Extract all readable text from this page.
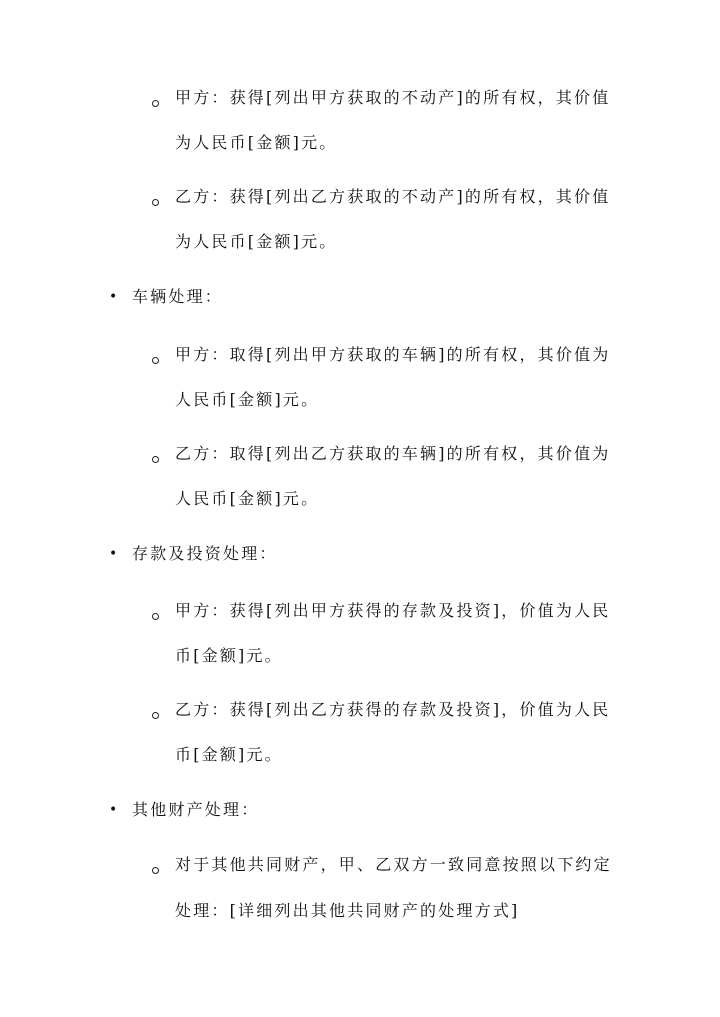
甲方：获得[列出甲方获取的不动产]的所有权，其价值
为人民币[金额]元。
乙方：获得[列出乙方获取的不动产]的所有权，其价值
为人民币[金额]元。
• 车辆处理：
甲方：取得[列出甲方获取的车辆]的所有权，其价值为
人民币[金额]元。
乙方：取得[列出乙方获取的车辆]的所有权，其价值为
人民币[金额]元。
• 存款及投资处理：
甲方：获得[列出甲方获得的存款及投资]，价值为人民
币[金额]元。
乙方：获得[列出乙方获得的存款及投资]，价值为人民
币[金额]元。
• 其他财产处理：
对于其他共同财产，甲、乙双方一致同意按照以下约定
处理：[详细列出其他共同财产的处理方式]
